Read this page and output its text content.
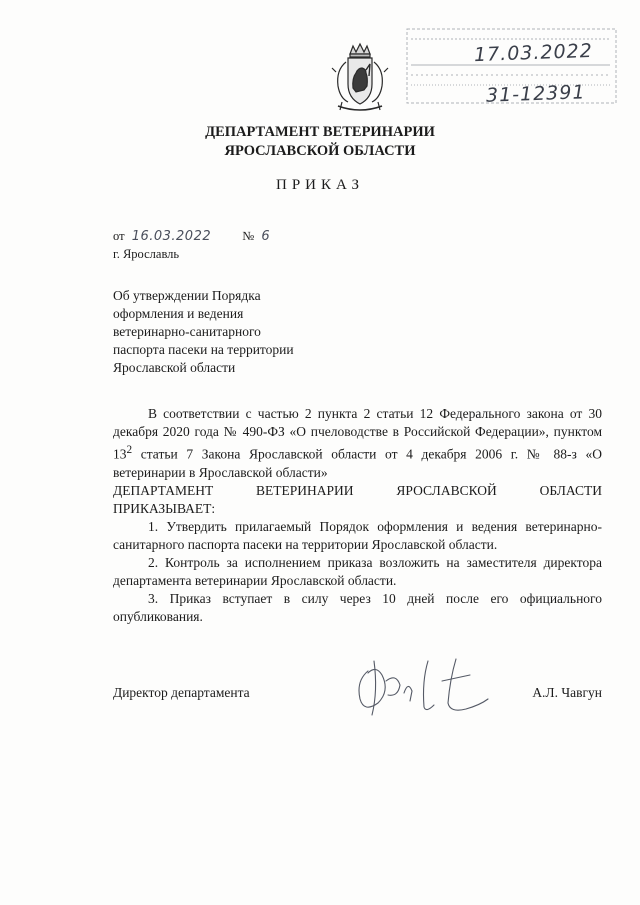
17.03.2022
31-12391
ДЕПАРТАМЕНТ ВЕТЕРИНАРИИ
ЯРОСЛАВСКОЙ ОБЛАСТИ
ПРИКАЗ
от 16.03.2022 № 6
г. Ярославль
Об утверждении Порядка
оформления и ведения
ветеринарно-санитарного
паспорта пасеки на территории
Ярославской области

В соответствии с частью 2 пункта 2 статьи 12 Федерального закона от 30 декабря 2020 года № 490-ФЗ «О пчеловодстве в Российской Федерации», пунктом $13^2$ статьи 7 Закона Ярославской области от 4 декабря 2006 г. № 88-з «О ветеринарии в Ярославской области»

ДЕПАРТАМЕНТ	ВЕТЕРИНАРИИ	ЯРОСЛАВСКОЙ	ОБЛАСТИ

ПРИКАЗЫВАЕТ:

1. Утвердить прилагаемый Порядок оформления и ведения ветеринарно-санитарного паспорта пасеки на территории Ярославской области.

2. Контроль за исполнением приказа возложить на заместителя директора департамента ветеринарии Ярославской области.

3. Приказ вступает в силу через 10 дней после его официального опубликования.

Директор департамента	А.Л. Чавгун
